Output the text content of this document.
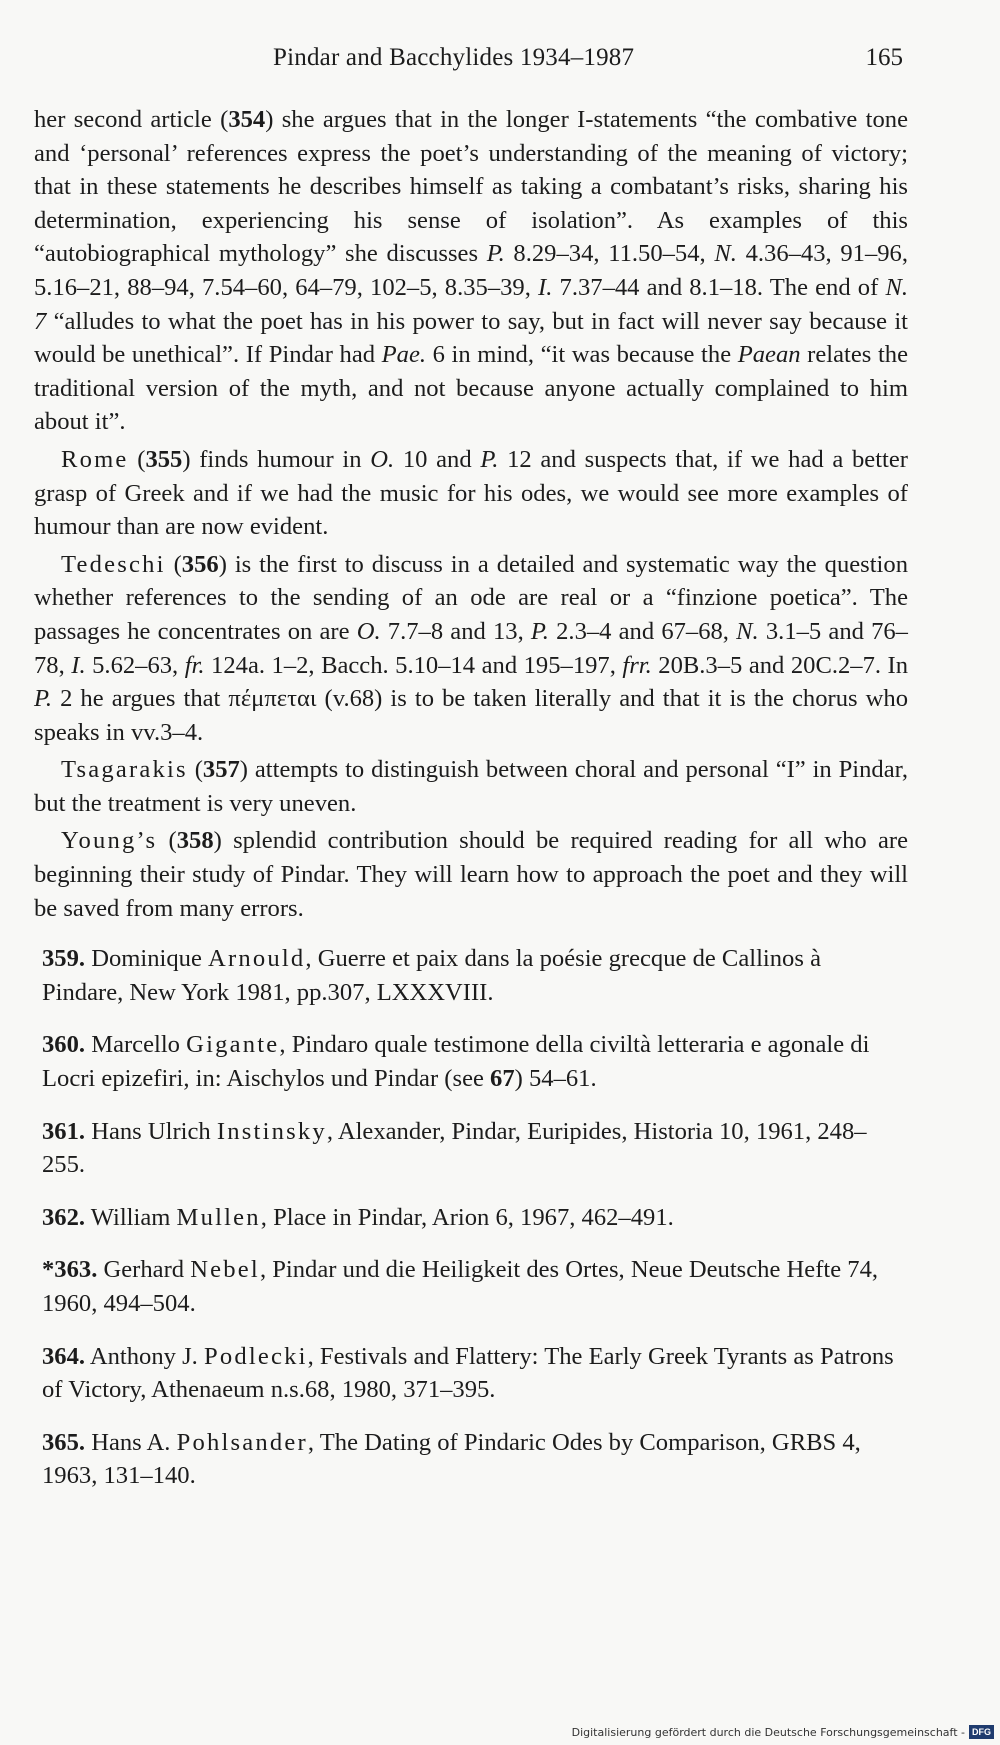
Pindar and Bacchylides 1934–1987	165

her second article (354) she argues that in the longer I-statements “the combative tone and ‘personal’ references express the poet’s understanding of the meaning of victory; that in these statements he describes himself as taking a combatant’s risks, sharing his determination, experiencing his sense of isolation”. As examples of this “autobiographical mythology” she discusses P. 8.29–34, 11.50–54, N. 4.36–43, 91–96, 5.16–21, 88–94, 7.54–60, 64–79, 102–5, 8.35–39, I. 7.37–44 and 8.1–18. The end of N. 7 “alludes to what the poet has in his power to say, but in fact will never say because it would be unethical”. If Pindar had Pae. 6 in mind, “it was because the Paean relates the traditional version of the myth, and not because anyone actually complained to him about it”.

Rome (355) finds humour in O. 10 and P. 12 and suspects that, if we had a better grasp of Greek and if we had the music for his odes, we would see more examples of humour than are now evident.

Tedeschi (356) is the first to discuss in a detailed and systematic way the question whether references to the sending of an ode are real or a “finzione poetica”. The passages he concentrates on are O. 7.7–8 and 13, P. 2.3–4 and 67–68, N. 3.1–5 and 76–78, I. 5.62–63, fr. 124a. 1–2, Bacch. 5.10–14 and 195–197, frr. 20B.3–5 and 20C.2–7. In P. 2 he argues that πέμπεται (v.68) is to be taken literally and that it is the chorus who speaks in vv.3–4.

Tsagarakis (357) attempts to distinguish between choral and personal “I” in Pindar, but the treatment is very uneven.

Young’s (358) splendid contribution should be required reading for all who are beginning their study of Pindar. They will learn how to approach the poet and they will be saved from many errors.

359. Dominique Arnould, Guerre et paix dans la poésie grecque de Callinos à Pindare, New York 1981, pp.307, LXXXVIII.

360. Marcello Gigante, Pindaro quale testimone della civiltà letteraria e agonale di Locri epizefiri, in: Aischylos und Pindar (see 67) 54–61.

361. Hans Ulrich Instinsky, Alexander, Pindar, Euripides, Historia 10, 1961, 248–255.

362. William Mullen, Place in Pindar, Arion 6, 1967, 462–491.

*363. Gerhard Nebel, Pindar und die Heiligkeit des Ortes, Neue Deutsche Hefte 74, 1960, 494–504.

364. Anthony J. Podlecki, Festivals and Flattery: The Early Greek Tyrants as Patrons of Victory, Athenaeum n.s.68, 1980, 371–395.

365. Hans A. Pohlsander, The Dating of Pindaric Odes by Comparison, GRBS 4, 1963, 131–140.

Digitalisierung gefördert durch die Deutsche Forschungsgemeinschaft - DFG
